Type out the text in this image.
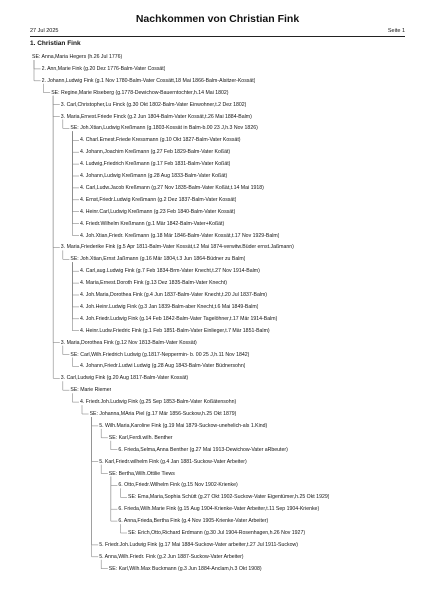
27 Jul 2025
Nachkommen von Christian Fink
Seite 1
1. Christian Fink
SE: Anna,Maria Hegers (h.26 Jul 1776)
2. Ann,Marie Fink (g.20 Dez 1776-Balm-Vater Cossät)
2. Johann,Ludwig Fink (g.1 Nov 1780-Balm-Vater Cossätt,18 Mai 1866-Balm-Alsitzer-Kossät)
SE: Regine,Marie Riseberg (g.1778-Dewichow-Bauerntochter,h.14 Mai 1802)
3. Carl,Christopher,Lu Finck (g.30 Okt 1802-Balm-Vater Einwohner,t.2 Dez 1802)
3. Maria,Ernest.Friede Finck (g.2 Jun 1804-Balm-Vater Kossät,t.26 Mai 1884-Balm)
SE: Joh.Xtian,Ludwig Kreßmann (g.1803-Kossät in Balm-b.00 23 J,h.3 Nov 1826)
4. Charl.Ernest.Friede Kressmann (g.10 Okt 1827-Balm-Vater Kossät)
4. Johann,Joachim Kreßmann (g.27 Feb 1829-Balm-Vater Koßät)
4. Ludwig,Friedrich Kreßmann (g.17 Feb 1831-Balm-Vater Koßät)
4. Johann,Ludwig Kreßmann (g.28 Aug 1833-Balm-Vater Koßät)
4. Carl,Ludw.Jacob Kreßmann (g.27 Nov 1835-Balm-Vater Koßät,t.14 Mai 1918)
4. Ernst,Friedr.Ludwig Kreßmann (g.2 Dez 1837-Balm-Vater Kossät)
4. Heinr.Carl,Ludwig Kreßmann (g.23 Feb 1840-Balm-Vater Kossät)
4. Friedr.Wilhelm Kreßmann (g.1 Mär 1842-Balm-Vater+Koßät)
4. Joh.Xtian,Friedr. Kreßmann (g.18 Mär 1846-Balm-Vater Kossät,t.17 Nov 1929-Balm)
3. Maria,Friederike Fink (g.5 Apr 1811-Balm-Vater Kossät,t.2 Mai 1874-verwitw.Büder ernst.Jaßmann)
SE: Joh.Xtian,Ernst Jaßmann (g.16 Mär 1804,t.3 Jun 1864-Büdner zu Balm)
4. Carl,aug.Ludwig Fink (g.7 Feb 1834-Brm-Vater Knecht,t.27 Nov 1914-Balm)
4. Maria,Ernest.Doroth Fink (g.13 Dez 1835-Balm-Vater Knecht)
4. Joh.Maria,Dorothea Fink (g.4 Jun 1837-Balm-Vater Knecht,t.20 Jul 1837-Balm)
4. Joh.Heinr.Ludwig Fink (g.3 Jan 1839-Balm-aber Knecht,t.6 Mai 1849-Balm)
4. Joh.Friedr.Ludwig Fink (g.14 Feb 1842-Balm-Vater Tagelöhner,t.17 Mär 1914-Balm)
4. Heinr.Ludw.Friedric Fink (g.1 Feb 1851-Balm-Vater Einlieger,t.7 Mär 1851-Balm)
3. Maria,Dorothea Fink (g.12 Nov 1813-Balm-Vater Kossät)
SE: Carl,Wilh.Friedrich Ludwig (g.1817-Neppermin- b. 00 25 J,h.11 Nov 1842)
4. Johann,Friedr.Ludwi Ludwig (g.28 Aug 1843-Balm-Vater Büdnersohn)
3. Carl,Ludwig Fink (g.20 Aug 1817-Balm-Vater Kossät)
SE: Marie Riemer
4. Friedr.Joh.Ludwig Fink (g.25 Sep 1853-Balm-Vater Koßätensohn)
SE: Johanna,MAria Piel (g.17 Mär 1856-Suckow,h.25 Okt 1879)
5. Wilh.Maria,Karoline Fink (g.19 Mai 1879-Suckow-unehelich-als 1.Kind)
SE: Karl,Ferdi.wilh. Benther
6. Frieda,Selma,Anna Benther (g.27 Mai 1913-Dewichow-Vater aRbeuter)
5. Karl,Friedr.wilhelm Fink (g.4 Jan 1881-Suckow-Vater Arbeiter)
SE: Bertha,Wilh.Ottilie Tiews
6. Otto,Friedr.Wilhelm Fink (g.15 Nov 1902-Krienke)
SE: Ema,Maria,Sophia Schütt (g.27 Okt 1902-Suckow-Vater Eigentümer,h.25 Okt 1929)
6. Frieda,Wilh.Marie Fink (g.15 Aug 1904-Krienke-Vater Arbeiter,t.11 Sep 1904-Krienke)
6. Anna,Frieda,Bertha Fink (g.4 Nov 1905-Krienke-Vater Arbeiter)
SE: Erich,Otto,Richard Erdmann (g.30 Jul 1904-Rosenhagen,h.26 Nov 1927)
5. Friedr.Joh.Ludwig Fink (g.17 Mai 1884-Suckow-Vater arbeiter,t.27 Jul 1911-Suckow)
5. Anna,Wilh.Friedr. Fink (g.2 Jun 1887-Suckow-Vater Arbeiter)
SE: Karl,Wilh.Max Buckmann (g.3 Jun 1884-Anclam,h.3 Okt 1908)
